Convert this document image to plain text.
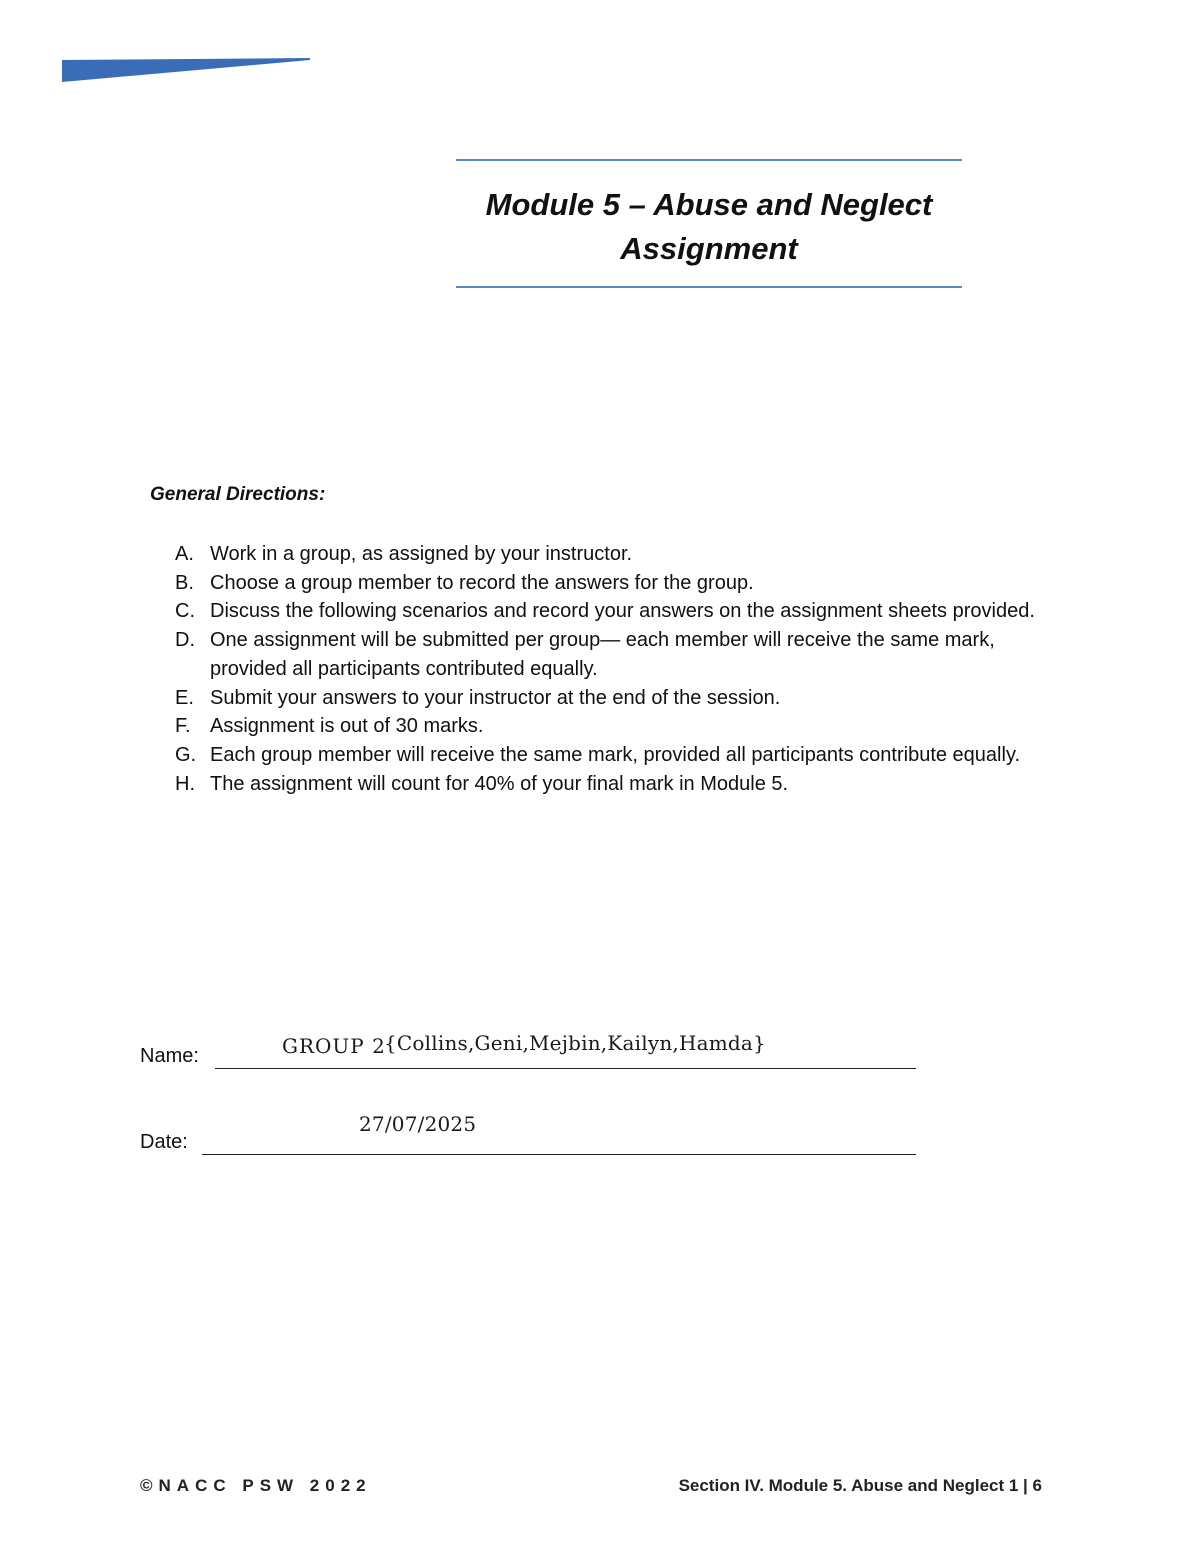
Module 5 – Abuse and Neglect
Assignment
General Directions:
A. Work in a group, as assigned by your instructor.
B. Choose a group member to record the answers for the group.
C. Discuss the following scenarios and record your answers on the assignment sheets provided.
D. One assignment will be submitted per group— each member will receive the same mark, provided all participants contributed equally.
E. Submit your answers to your instructor at the end of the session.
F. Assignment is out of 30 marks.
G. Each group member will receive the same mark, provided all participants contribute equally.
H. The assignment will count for 40% of your final mark in Module 5.
Name:	GROUP 2
{Collins,Geni,Mejbin,Kailyn,Hamda}
Date:
27/07/2025
©NACC PSW 2022	Section IV. Module 5. Abuse and Neglect 1 | 6
